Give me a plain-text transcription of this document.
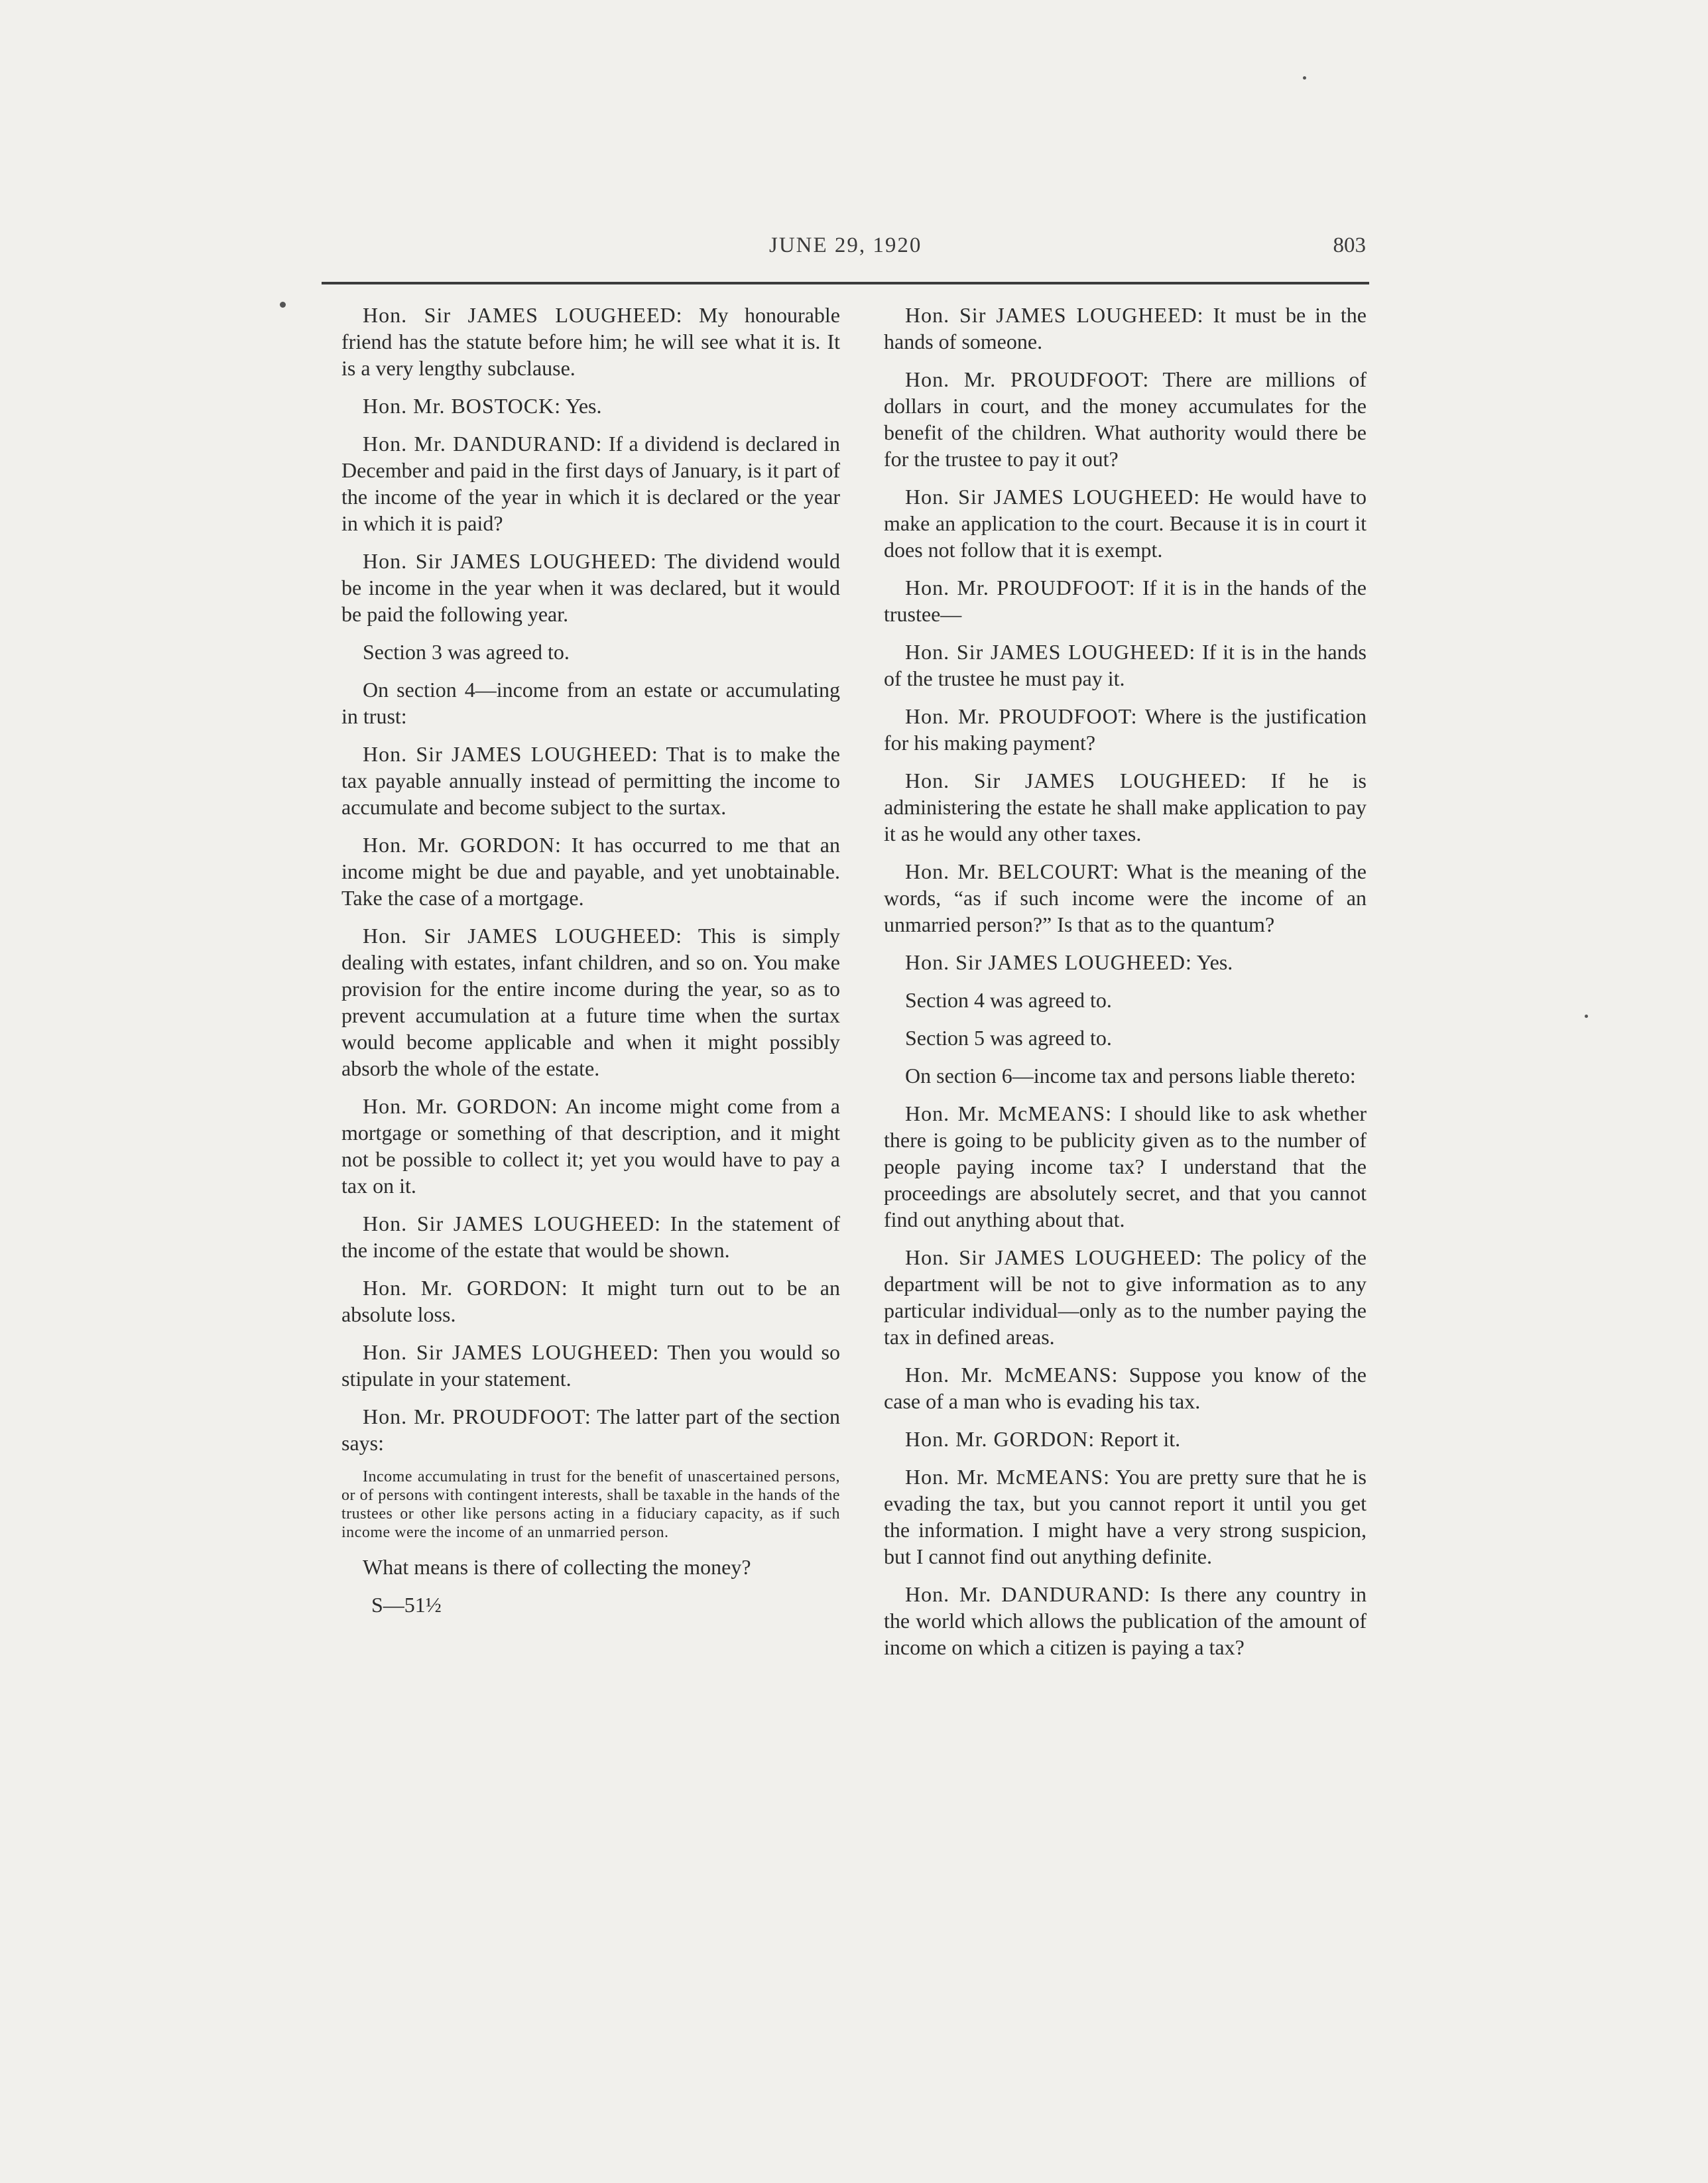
JUNE 29, 1920	803

Hon. Sir JAMES LOUGHEED: My honourable friend has the statute before him; he will see what it is. It is a very lengthy subclause.

Hon. Mr. BOSTOCK: Yes.

Hon. Mr. DANDURAND: If a dividend is declared in December and paid in the first days of January, is it part of the income of the year in which it is declared or the year in which it is paid?

Hon. Sir JAMES LOUGHEED: The dividend would be income in the year when it was declared, but it would be paid the following year.

Section 3 was agreed to.

On section 4—income from an estate or accumulating in trust:

Hon. Sir JAMES LOUGHEED: That is to make the tax payable annually instead of permitting the income to accumulate and become subject to the surtax.

Hon. Mr. GORDON: It has occurred to me that an income might be due and payable, and yet unobtainable. Take the case of a mortgage.

Hon. Sir JAMES LOUGHEED: This is simply dealing with estates, infant children, and so on. You make provision for the entire income during the year, so as to prevent accumulation at a future time when the surtax would become applicable and when it might possibly absorb the whole of the estate.

Hon. Mr. GORDON: An income might come from a mortgage or something of that description, and it might not be possible to collect it; yet you would have to pay a tax on it.

Hon. Sir JAMES LOUGHEED: In the statement of the income of the estate that would be shown.

Hon. Mr. GORDON: It might turn out to be an absolute loss.

Hon. Sir JAMES LOUGHEED: Then you would so stipulate in your statement.

Hon. Mr. PROUDFOOT: The latter part of the section says:

Income accumulating in trust for the benefit of unascertained persons, or of persons with contingent interests, shall be taxable in the hands of the trustees or other like persons acting in a fiduciary capacity, as if such income were the income of an unmarried person.

What means is there of collecting the money?

S—51½

Hon. Sir JAMES LOUGHEED: It must be in the hands of someone.

Hon. Mr. PROUDFOOT: There are millions of dollars in court, and the money accumulates for the benefit of the children. What authority would there be for the trustee to pay it out?

Hon. Sir JAMES LOUGHEED: He would have to make an application to the court. Because it is in court it does not follow that it is exempt.

Hon. Mr. PROUDFOOT: If it is in the hands of the trustee—

Hon. Sir JAMES LOUGHEED: If it is in the hands of the trustee he must pay it.

Hon. Mr. PROUDFOOT: Where is the justification for his making payment?

Hon. Sir JAMES LOUGHEED: If he is administering the estate he shall make application to pay it as he would any other taxes.

Hon. Mr. BELCOURT: What is the meaning of the words, “as if such income were the income of an unmarried person?” Is that as to the quantum?

Hon. Sir JAMES LOUGHEED: Yes.

Section 4 was agreed to.

Section 5 was agreed to.

On section 6—income tax and persons liable thereto:

Hon. Mr. McMEANS: I should like to ask whether there is going to be publicity given as to the number of people paying income tax? I understand that the proceedings are absolutely secret, and that you cannot find out anything about that.

Hon. Sir JAMES LOUGHEED: The policy of the department will be not to give information as to any particular individual—only as to the number paying the tax in defined areas.

Hon. Mr. McMEANS: Suppose you know of the case of a man who is evading his tax.

Hon. Mr. GORDON: Report it.

Hon. Mr. McMEANS: You are pretty sure that he is evading the tax, but you cannot report it until you get the information. I might have a very strong suspicion, but I cannot find out anything definite.

Hon. Mr. DANDURAND: Is there any country in the world which allows the publication of the amount of income on which a citizen is paying a tax?
